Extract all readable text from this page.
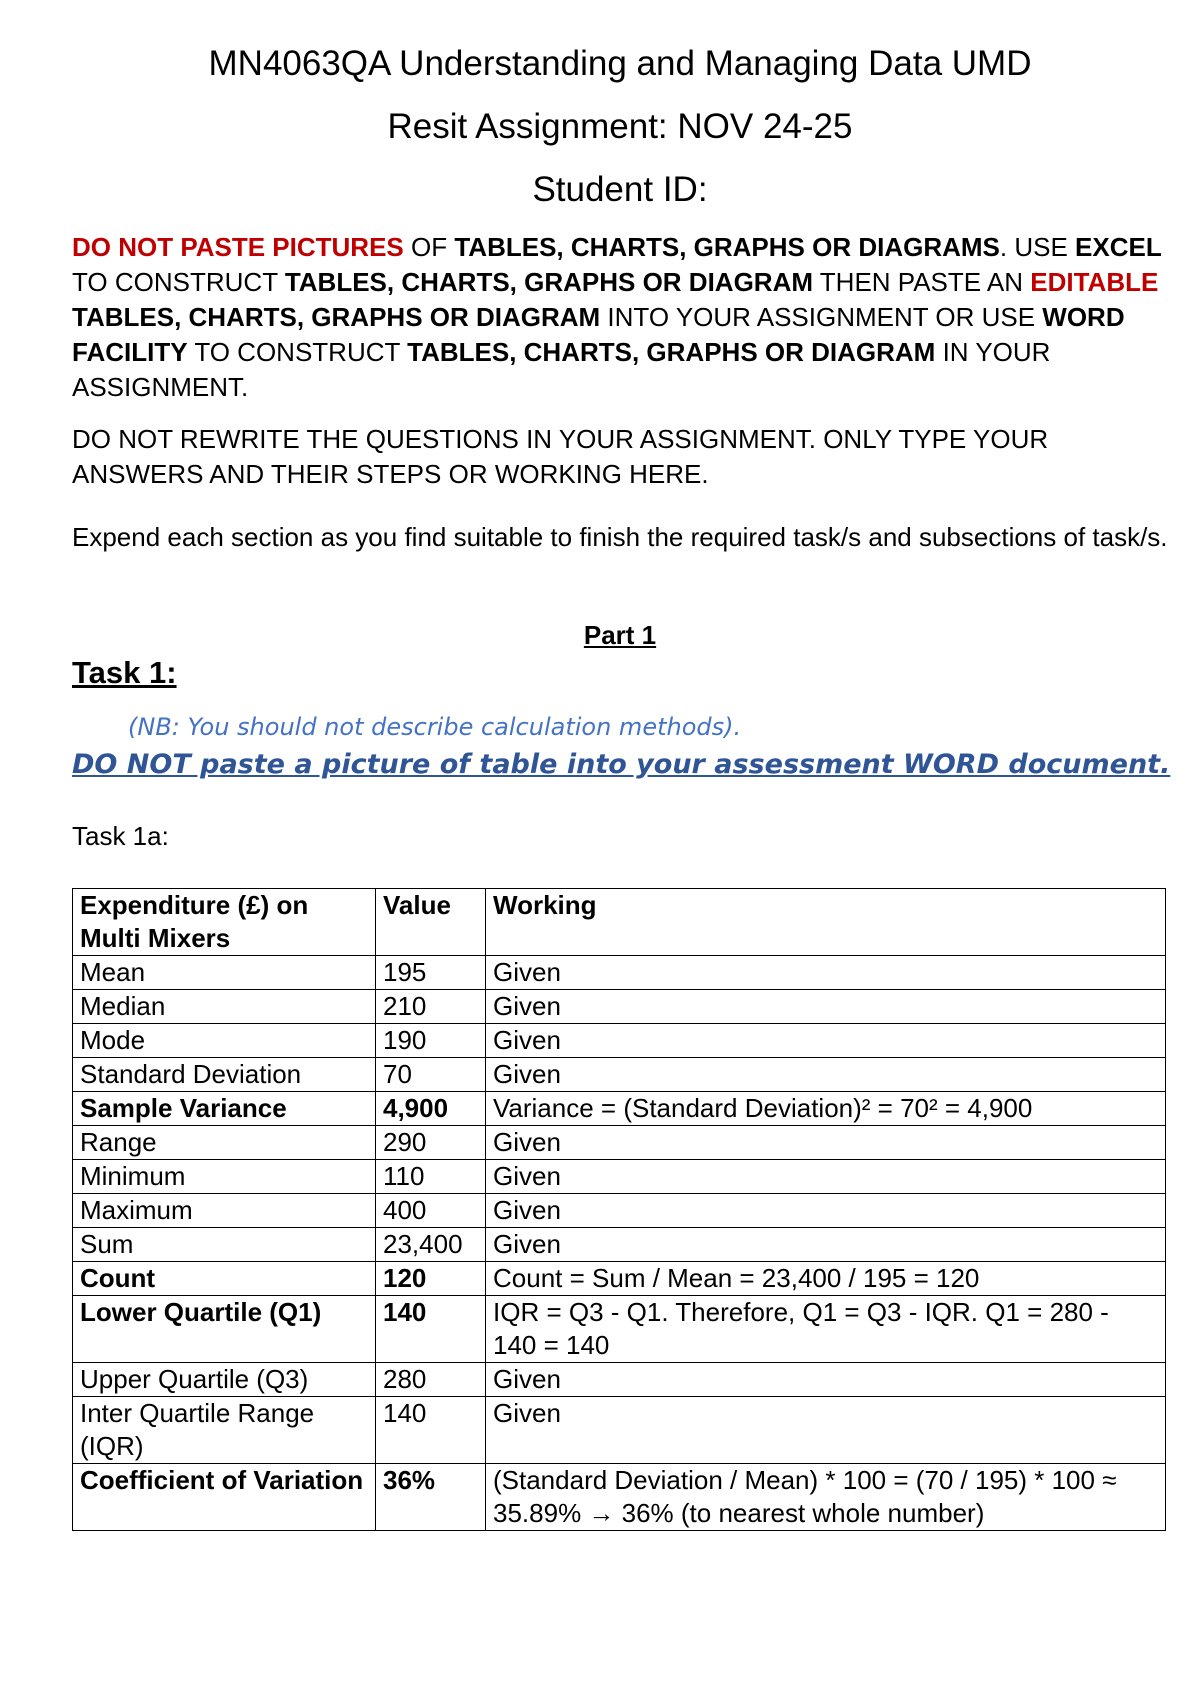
MN4063QA Understanding and Managing Data UMD
Resit Assignment: NOV 24-25
Student ID:
DO NOT PASTE PICTURES OF TABLES, CHARTS, GRAPHS OR DIAGRAMS. USE EXCEL TO CONSTRUCT TABLES, CHARTS, GRAPHS OR DIAGRAM THEN PASTE AN EDITABLE TABLES, CHARTS, GRAPHS OR DIAGRAM INTO YOUR ASSIGNMENT OR USE WORD FACILITY TO CONSTRUCT TABLES, CHARTS, GRAPHS OR DIAGRAM IN YOUR ASSIGNMENT.
DO NOT REWRITE THE QUESTIONS IN YOUR ASSIGNMENT. ONLY TYPE YOUR ANSWERS AND THEIR STEPS OR WORKING HERE.
Expend each section as you find suitable to finish the required task/s and subsections of task/s.
Part 1
Task 1:
(NB: You should not describe calculation methods).
DO NOT paste a picture of table into your assessment WORD document.
Task 1a:
Expenditure (£) on Multi Mixers	Value	Working
Mean	195	Given
Median	210	Given
Mode	190	Given
Standard Deviation	70	Given
Sample Variance	4,900	Variance = (Standard Deviation)² = 70² = 4,900
Range	290	Given
Minimum	110	Given
Maximum	400	Given
Sum	23,400	Given
Count	120	Count = Sum / Mean = 23,400 / 195 = 120
Lower Quartile (Q1)	140	IQR = Q3 - Q1. Therefore, Q1 = Q3 - IQR. Q1 = 280 - 140 = 140
Upper Quartile (Q3)	280	Given
Inter Quartile Range (IQR)	140	Given
Coefficient of Variation	36%	(Standard Deviation / Mean) * 100 = (70 / 195) * 100 ≈ 35.89% → 36% (to nearest whole number)
